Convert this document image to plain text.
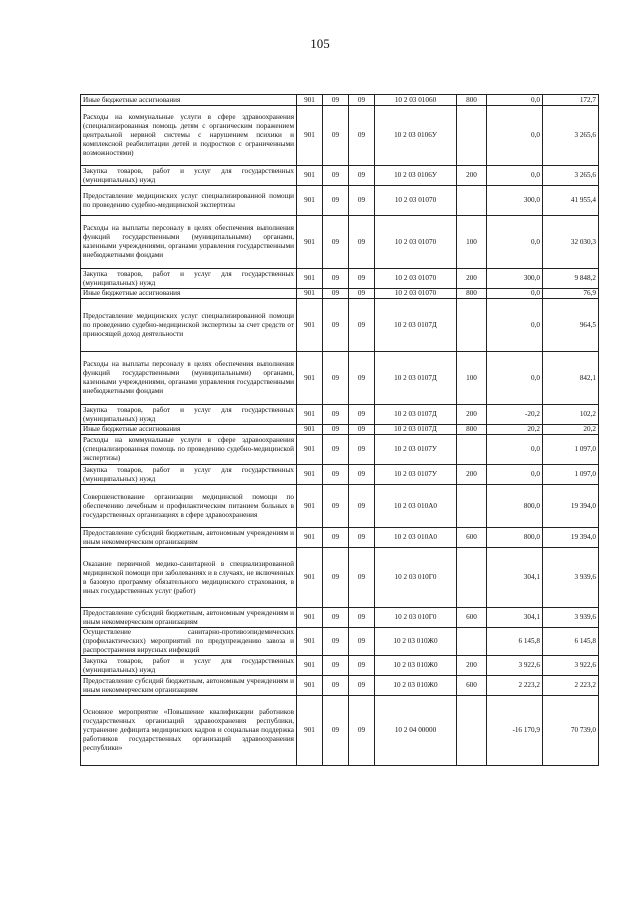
105
Иные бюджетные ассигнования	901	09	09	10 2 03 01060	800	0,0	172,7
Расходы на коммунальные услуги в сфере здравоохранения (специализированная помощь детям с органическим поражением центральной нервной системы с нарушением психики и комплексной реабилитации детей и подростков с ограниченными возможностями)	901	09	09	10 2 03 0106У		0,0	3 265,6
Закупка товаров, работ и услуг для государственных (муниципальных) нужд	901	09	09	10 2 03 0106У	200	0,0	3 265,6
Предоставление медицинских услуг специализированной помощи по проведению судебно-медицинской экспертизы	901	09	09	10 2 03 01070		300,0	41 955,4
Расходы на выплаты персоналу в целях обеспечения выполнения функций государственными (муниципальными) органами, казенными учреждениями, органами управления государственными внебюджетными фондами	901	09	09	10 2 03 01070	100	0,0	32 030,3
Закупка товаров, работ и услуг для государственных (муниципальных) нужд	901	09	09	10 2 03 01070	200	300,0	9 848,2
Иные бюджетные ассигнования	901	09	09	10 2 03 01070	800	0,0	76,9
Предоставление медицинских услуг специализированной помощи по проведению судебно-медицинской экспертизы за счет средств от приносящей доход деятельности	901	09	09	10 2 03 0107Д		0,0	964,5
Расходы на выплаты персоналу в целях обеспечения выполнения функций государственными (муниципальными) органами, казенными учреждениями, органами управления государственными внебюджетными фондами	901	09	09	10 2 03 0107Д	100	0,0	842,1
Закупка товаров, работ и услуг для государственных (муниципальных) нужд	901	09	09	10 2 03 0107Д	200	-20,2	102,2
Иные бюджетные ассигнования	901	09	09	10 2 03 0107Д	800	20,2	20,2
Расходы на коммунальные услуги в сфере здравоохранения (специализированная помощь по проведению судебно-медицинской экспертизы)	901	09	09	10 2 03 0107У		0,0	1 097,0
Закупка товаров, работ и услуг для государственных (муниципальных) нужд	901	09	09	10 2 03 0107У	200	0,0	1 097,0
Совершенствование организации медицинской помощи по обеспечению лечебным и профилактическим питанием больных в государственных организациях в сфере здравоохранения	901	09	09	10 2 03 010А0		800,0	19 394,0
Предоставление субсидий бюджетным, автономным учреждениям и иным некоммерческим организациям	901	09	09	10 2 03 010А0	600	800,0	19 394,0
Оказание первичной медико-санитарной в специализированной медицинской помощи при заболеваниях и в случаях, не включенных в базовую программу обязательного медицинского страхования, в иных государственных услуг (работ)	901	09	09	10 2 03 010Г0		304,1	3 939,6
Предоставление субсидий бюджетным, автономным учреждениям и иным некоммерческим организациям	901	09	09	10 2 03 010Г0	600	304,1	3 939,6
Осуществление санитарно-противоэпидемических (профилактических) мероприятий по предупреждению завоза и распространения вирусных инфекций	901	09	09	10 2 03 010Ж0		6 145,8	6 145,8
Закупка товаров, работ и услуг для государственных (муниципальных) нужд	901	09	09	10 2 03 010Ж0	200	3 922,6	3 922,6
Предоставление субсидий бюджетным, автономным учреждениям и иным некоммерческим организациям	901	09	09	10 2 03 010Ж0	600	2 223,2	2 223,2
Основное мероприятие «Повышение квалификации работников государственных организаций здравоохранения республики, устранение дефицита медицинских кадров и социальная поддержка работников государственных организаций здравоохранения республики»	901	09	09	10 2 04 00000		-16 170,9	70 739,0
